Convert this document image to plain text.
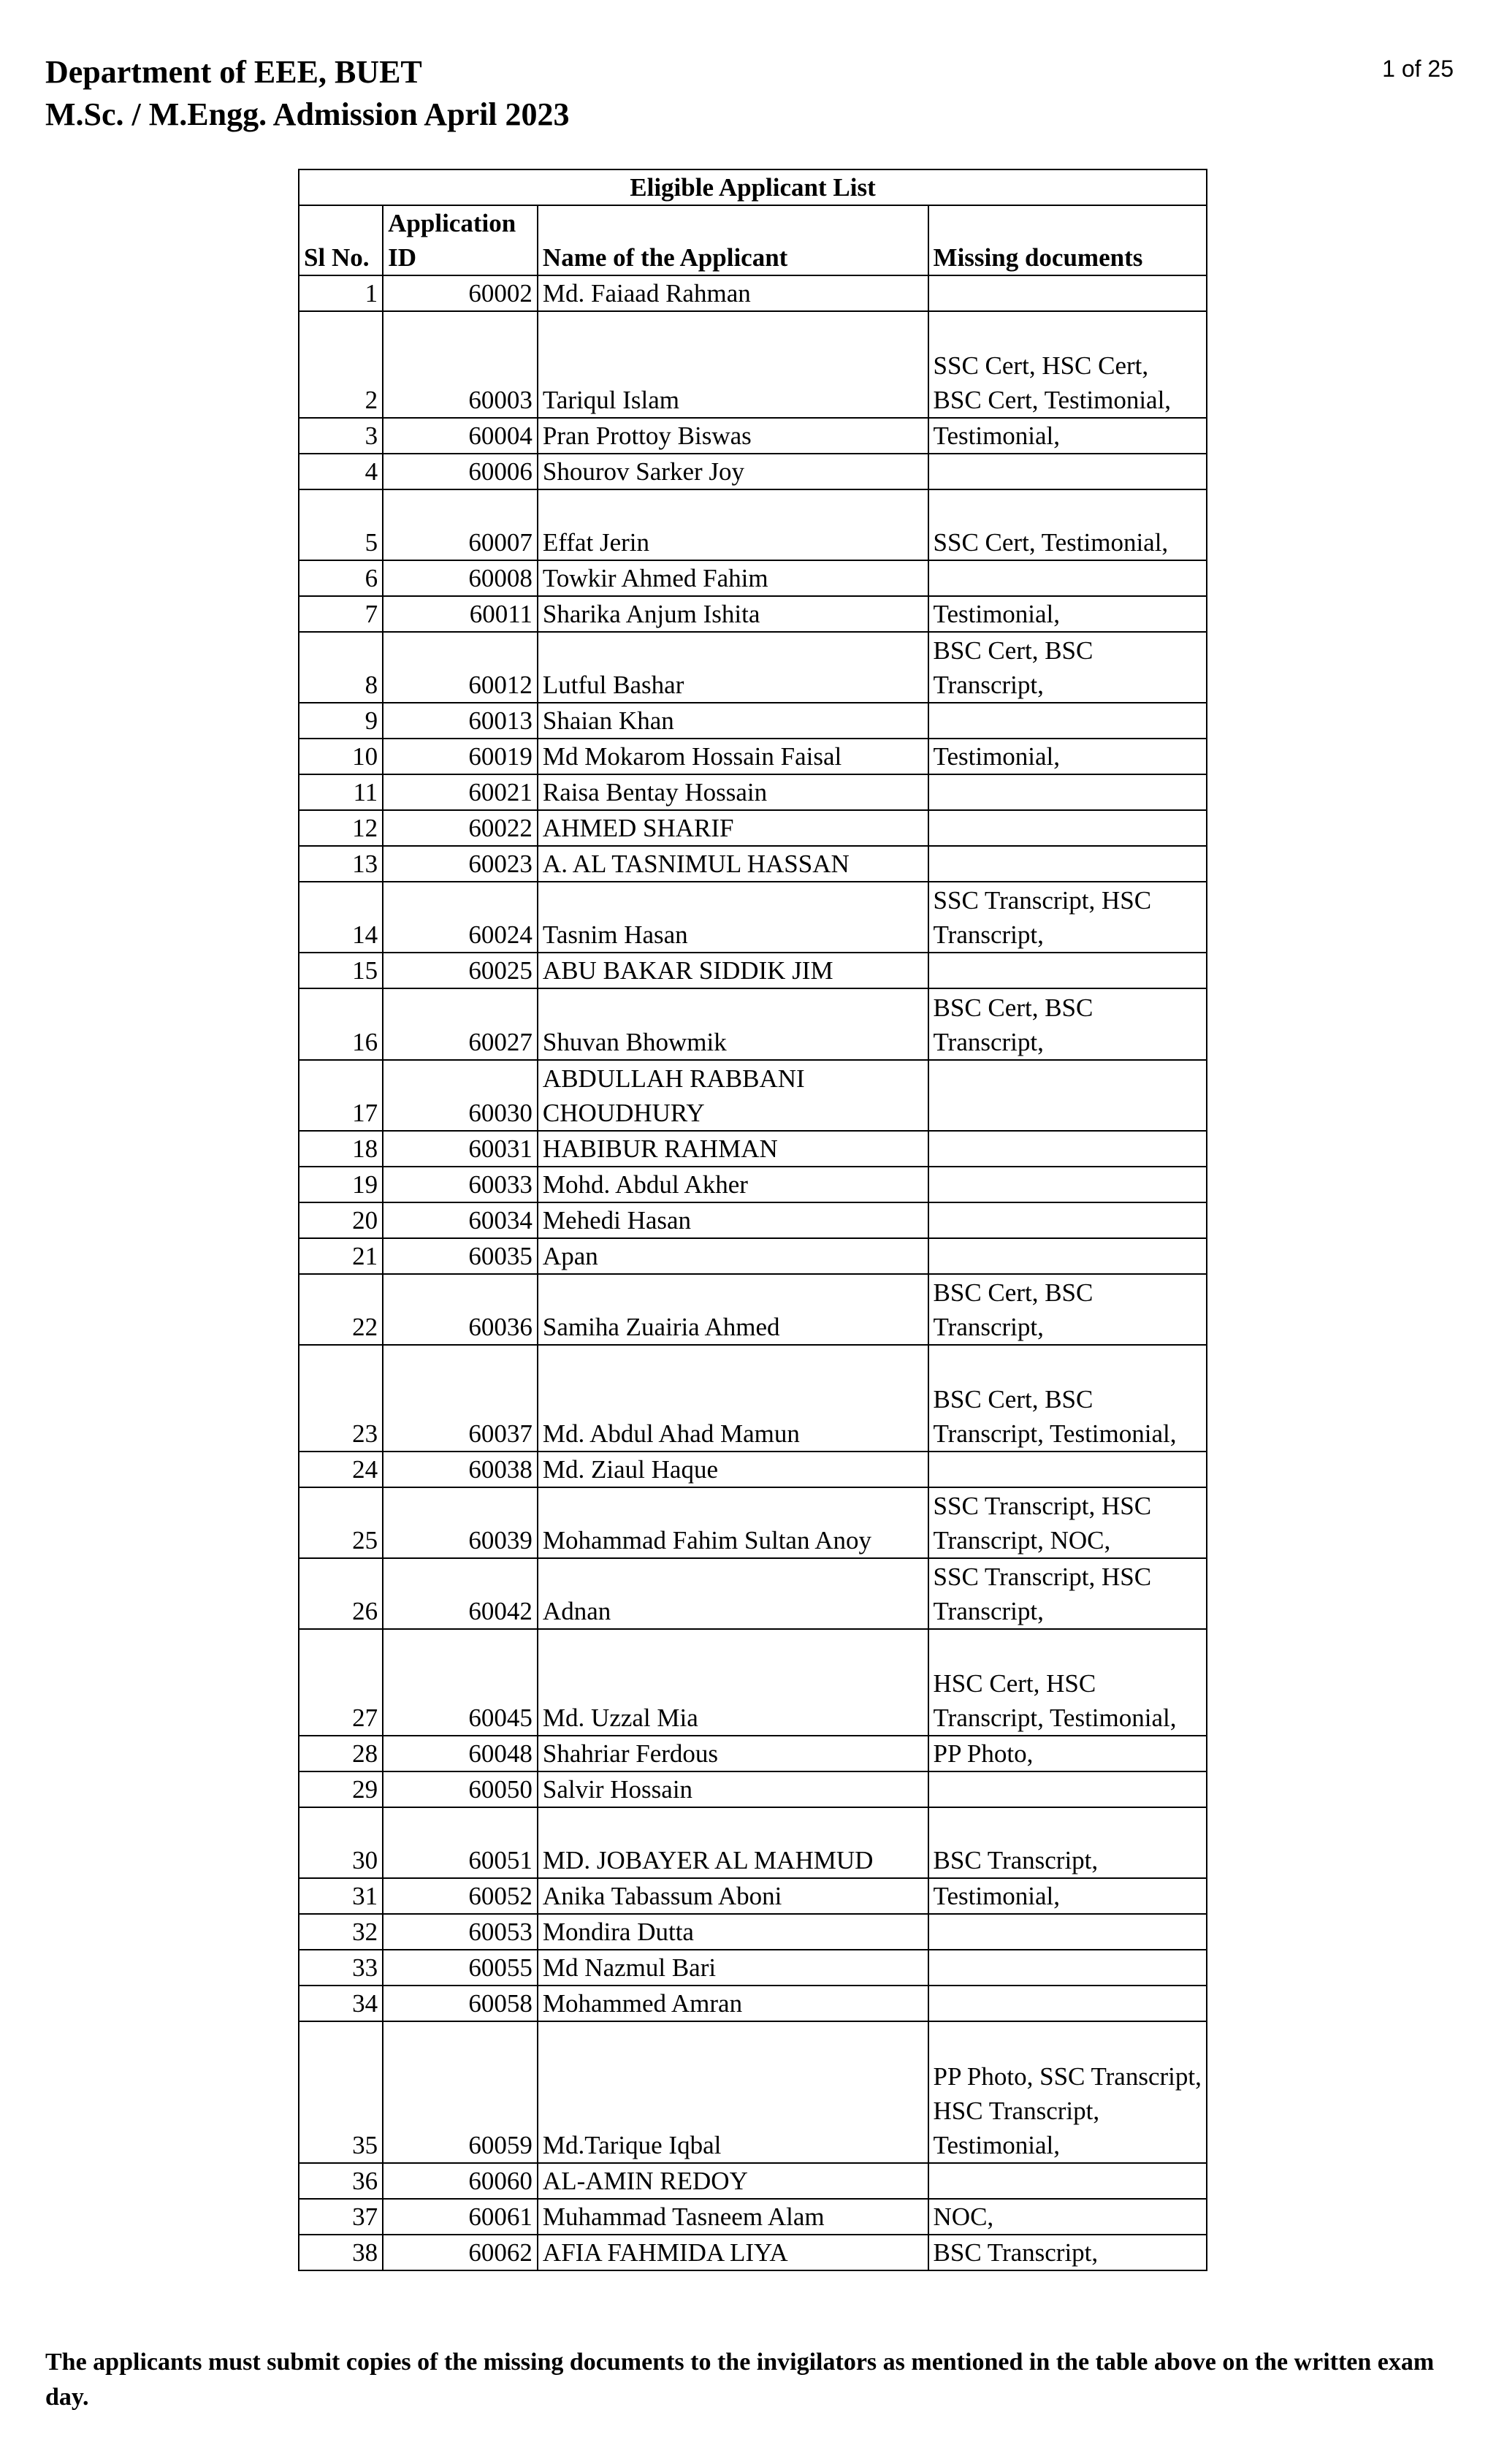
Department of EEE, BUET
M.Sc. / M.Engg. Admission April 2023
1 of 25
Eligible Applicant List			
Sl No.	Application ID	Name of the Applicant	Missing documents
1	60002	Md. Faiaad Rahman	
2	60003	Tariqul Islam	SSC Cert, HSC Cert, BSC Cert, Testimonial,
3	60004	Pran Prottoy Biswas	Testimonial,
4	60006	Shourov Sarker Joy	
5	60007	Effat Jerin	SSC Cert, Testimonial,
6	60008	Towkir Ahmed Fahim	
7	60011	Sharika Anjum Ishita	Testimonial,
8	60012	Lutful Bashar	BSC Cert, BSC Transcript,
9	60013	Shaian Khan	
10	60019	Md Mokarom Hossain Faisal	Testimonial,
11	60021	Raisa Bentay Hossain	
12	60022	AHMED SHARIF	
13	60023	A. AL TASNIMUL HASSAN	
14	60024	Tasnim Hasan	SSC Transcript, HSC Transcript,
15	60025	ABU BAKAR SIDDIK JIM	
16	60027	Shuvan Bhowmik	BSC Cert, BSC Transcript,
17	60030	ABDULLAH RABBANI CHOUDHURY	
18	60031	HABIBUR RAHMAN	
19	60033	Mohd. Abdul Akher	
20	60034	Mehedi Hasan	
21	60035	Apan	
22	60036	Samiha Zuairia Ahmed	BSC Cert, BSC Transcript,
23	60037	Md. Abdul Ahad Mamun	BSC Cert, BSC Transcript, Testimonial,
24	60038	Md. Ziaul Haque	
25	60039	Mohammad Fahim Sultan Anoy	SSC Transcript, HSC Transcript, NOC,
26	60042	Adnan	SSC Transcript, HSC Transcript,
27	60045	Md. Uzzal Mia	HSC Cert, HSC Transcript, Testimonial,
28	60048	Shahriar Ferdous	PP Photo,
29	60050	Salvir Hossain	
30	60051	MD. JOBAYER AL MAHMUD	BSC Transcript,
31	60052	Anika Tabassum Aboni	Testimonial,
32	60053	Mondira Dutta	
33	60055	Md Nazmul Bari	
34	60058	Mohammed Amran	
35	60059	Md.Tarique Iqbal	PP Photo, SSC Transcript, HSC Transcript, Testimonial,
36	60060	AL-AMIN REDOY	
37	60061	Muhammad Tasneem Alam	NOC,
38	60062	AFIA FAHMIDA LIYA	BSC Transcript,
The applicants must submit copies of the missing documents to the invigilators as mentioned in the table above on the written exam day.
